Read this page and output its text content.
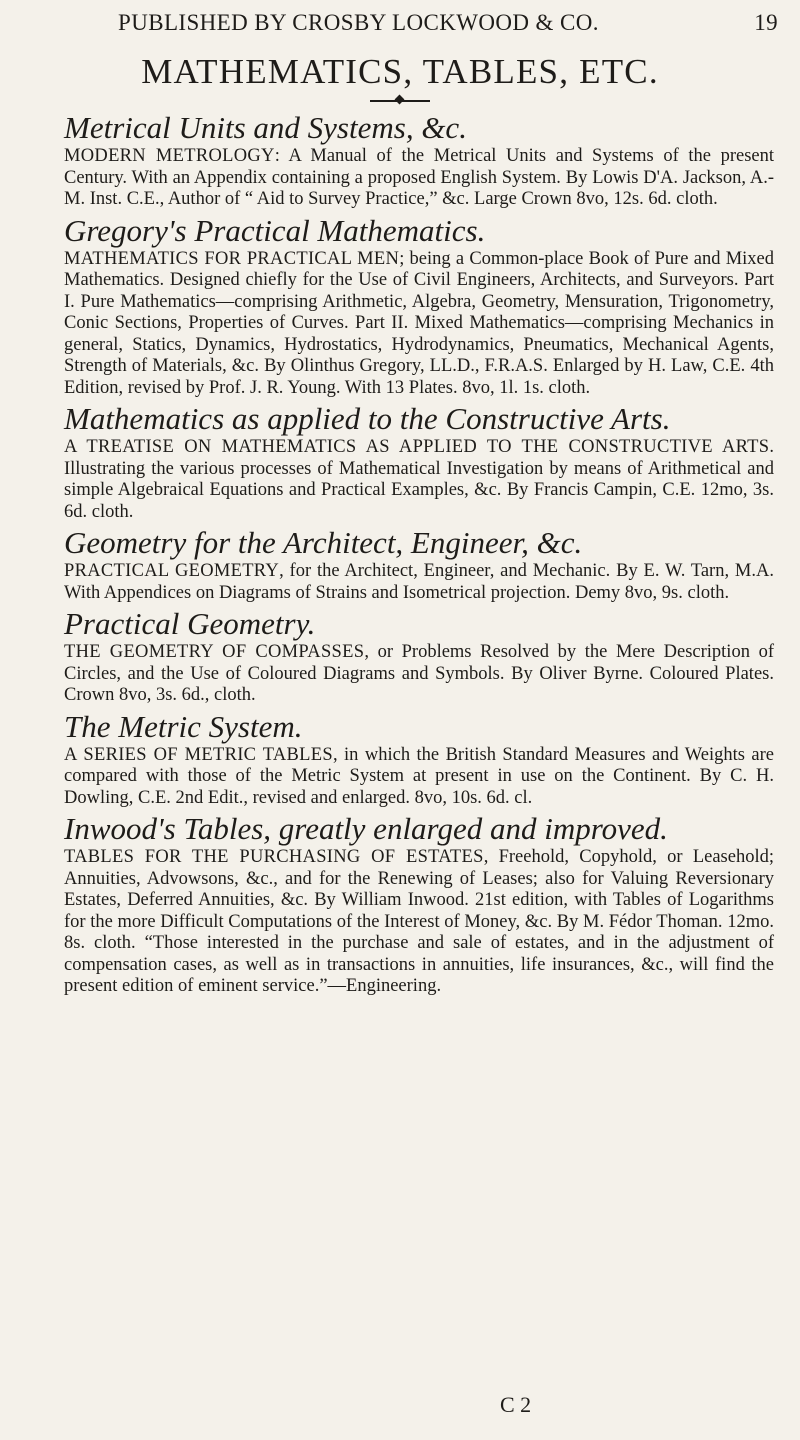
PUBLISHED BY CROSBY LOCKWOOD & CO.	19
MATHEMATICS, TABLES, ETC.

Metrical Units and Systems, &c.

MODERN METROLOGY: A Manual of the Metrical Units and Systems of the present Century. With an Appendix containing a proposed English System. By Lowis D'A. Jackson, A.-M. Inst. C.E., Author of “ Aid to Survey Practice,” &c. Large Crown 8vo, 12s. 6d. cloth.

Gregory's Practical Mathematics.

MATHEMATICS FOR PRACTICAL MEN; being a Common-place Book of Pure and Mixed Mathematics. Designed chiefly for the Use of Civil Engineers, Architects, and Surveyors. Part I. Pure Mathematics—comprising Arithmetic, Algebra, Geometry, Mensuration, Trigonometry, Conic Sections, Properties of Curves. Part II. Mixed Mathematics—comprising Mechanics in general, Statics, Dynamics, Hydrostatics, Hydrodynamics, Pneumatics, Mechanical Agents, Strength of Materials, &c. By Olinthus Gregory, LL.D., F.R.A.S. Enlarged by H. Law, C.E. 4th Edition, revised by Prof. J. R. Young. With 13 Plates. 8vo, 1l. 1s. cloth.

Mathematics as applied to the Constructive Arts.

A TREATISE ON MATHEMATICS AS APPLIED TO THE CONSTRUCTIVE ARTS. Illustrating the various processes of Mathematical Investigation by means of Arithmetical and simple Algebraical Equations and Practical Examples, &c. By Francis Campin, C.E. 12mo, 3s. 6d. cloth.

Geometry for the Architect, Engineer, &c.

PRACTICAL GEOMETRY, for the Architect, Engineer, and Mechanic. By E. W. Tarn, M.A. With Appendices on Diagrams of Strains and Isometrical projection. Demy 8vo, 9s. cloth.

Practical Geometry.

THE GEOMETRY OF COMPASSES, or Problems Resolved by the Mere Description of Circles, and the Use of Coloured Diagrams and Symbols. By Oliver Byrne. Coloured Plates. Crown 8vo, 3s. 6d., cloth.

The Metric System.

A SERIES OF METRIC TABLES, in which the British Standard Measures and Weights are compared with those of the Metric System at present in use on the Continent. By C. H. Dowling, C.E. 2nd Edit., revised and enlarged. 8vo, 10s. 6d. cl.

Inwood's Tables, greatly enlarged and improved.

TABLES FOR THE PURCHASING OF ESTATES, Freehold, Copyhold, or Leasehold; Annuities, Advowsons, &c., and for the Renewing of Leases; also for Valuing Reversionary Estates, Deferred Annuities, &c. By William Inwood. 21st edition, with Tables of Logarithms for the more Difficult Computations of the Interest of Money, &c. By M. Fédor Thoman. 12mo. 8s. cloth. “Those interested in the purchase and sale of estates, and in the adjustment of compensation cases, as well as in transactions in annuities, life insurances, &c., will find the present edition of eminent service.”—Engineering.

C 2
